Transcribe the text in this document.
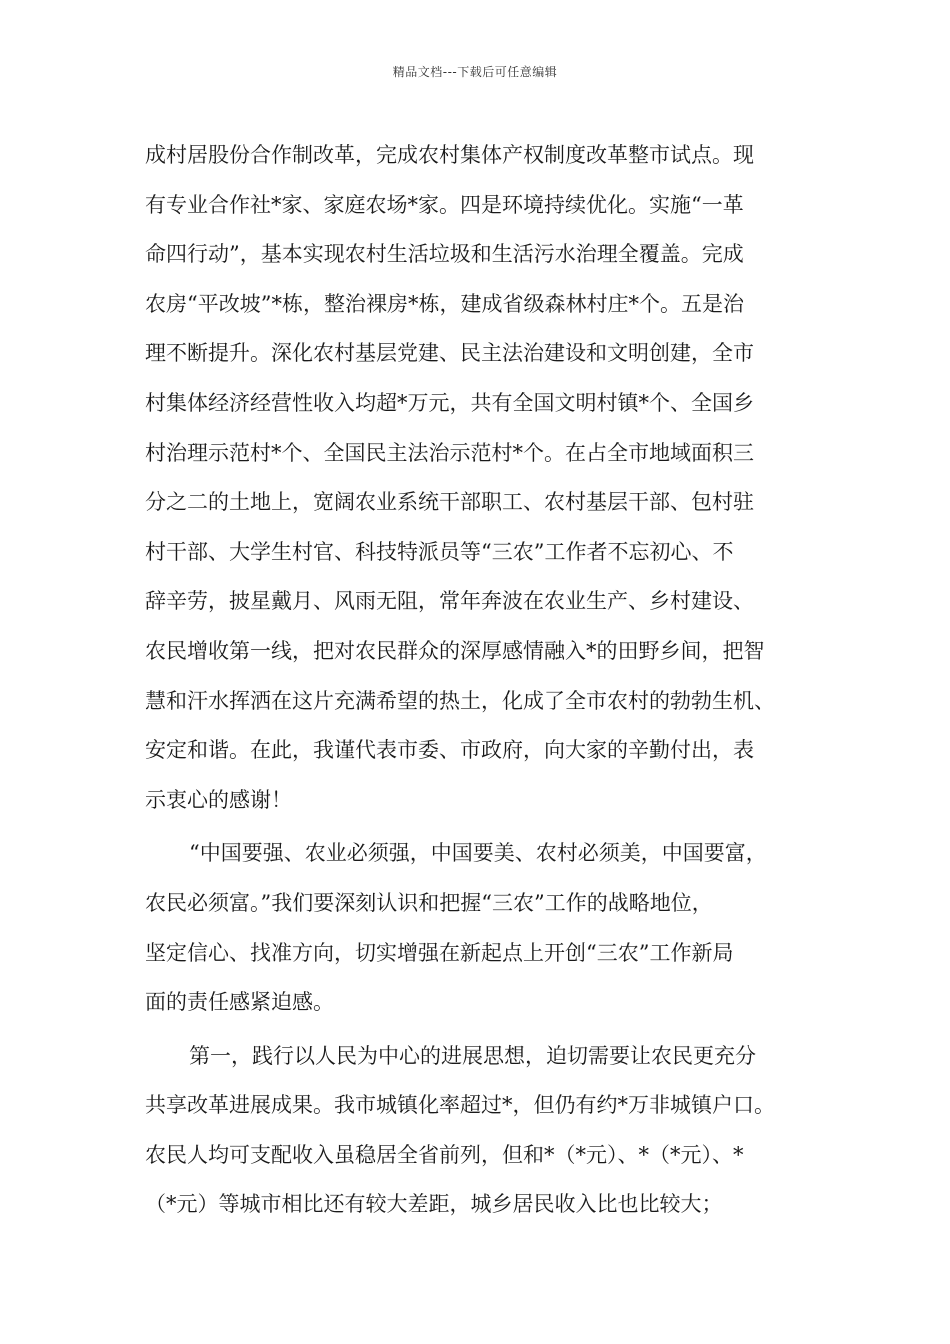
精品文档---下载后可任意编辑
成村居股份合作制改革，完成农村集体产权制度改革整市试点。现
有专业合作社*家、家庭农场*家。四是环境持续优化。实施“一革
命四行动”，基本实现农村生活垃圾和生活污水治理全覆盖。完成
农房“平改坡”*栋，整治裸房*栋，建成省级森林村庄*个。五是治
理不断提升。深化农村基层党建、民主法治建设和文明创建，全市
村集体经济经营性收入均超*万元，共有全国文明村镇*个、全国乡
村治理示范村*个、全国民主法治示范村*个。在占全市地域面积三
分之二的土地上，宽阔农业系统干部职工、农村基层干部、包村驻
村干部、大学生村官、科技特派员等“三农”工作者不忘初心、不
辞辛劳，披星戴月、风雨无阻，常年奔波在农业生产、乡村建设、
农民增收第一线，把对农民群众的深厚感情融入*的田野乡间，把智
慧和汗水挥洒在这片充满希望的热土，化成了全市农村的勃勃生机、
安定和谐。在此，我谨代表市委、市政府，向大家的辛勤付出，表
示衷心的感谢！
“中国要强、农业必须强，中国要美、农村必须美，中国要富，
农民必须富。”我们要深刻认识和把握“三农”工作的战略地位，
坚定信心、找准方向，切实增强在新起点上开创“三农”工作新局
面的责任感紧迫感。
第一，践行以人民为中心的进展思想，迫切需要让农民更充分
共享改革进展成果。我市城镇化率超过*，但仍有约*万非城镇户口。
农民人均可支配收入虽稳居全省前列，但和*（*元）、*（*元）、*
（*元）等城市相比还有较大差距，城乡居民收入比也比较大；
